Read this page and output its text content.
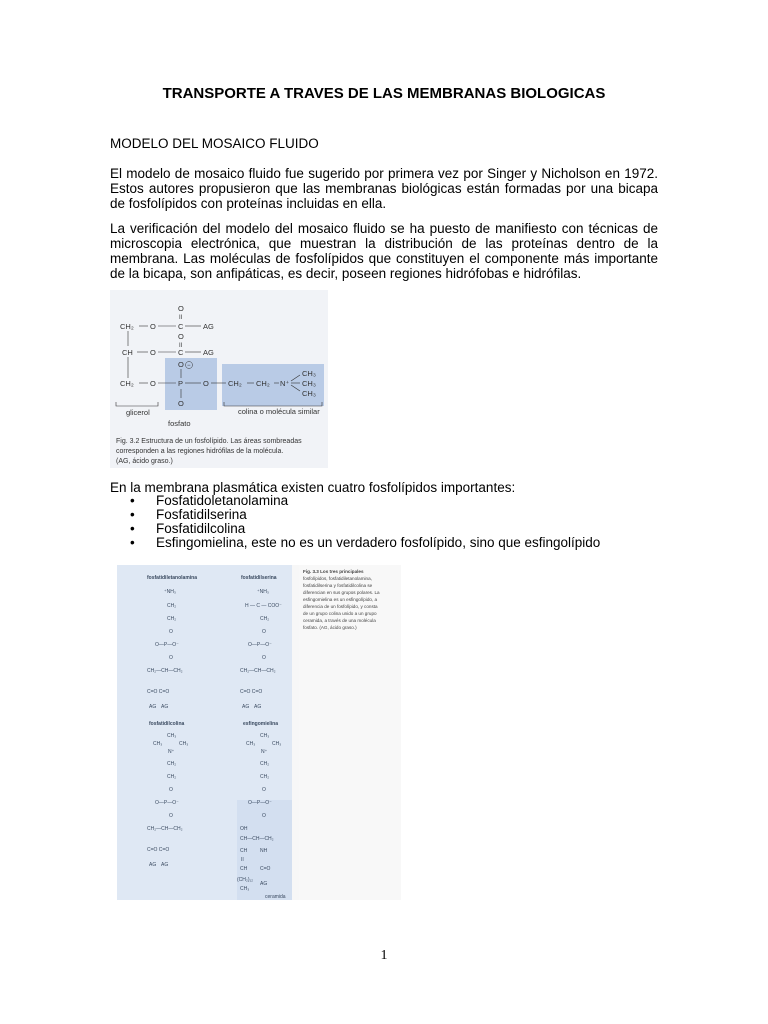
TRANSPORTE A TRAVES DE LAS MEMBRANAS BIOLOGICAS
MODELO DEL MOSAICO FLUIDO

El modelo de mosaico fluido fue sugerido por primera vez por Singer y Nicholson en 1972. Estos autores propusieron que las membranas biológicas están formadas por una bicapa de fosfolípidos con proteínas incluidas en ella.

La verificación del modelo del mosaico fluido se ha puesto de manifiesto con técnicas de microscopia electrónica, que muestran la distribución de las proteínas dentro de la membrana. Las moléculas de fosfolípidos que constituyen el componente más importante de la bicapa, son anfipáticas, es decir, poseen regiones hidrófobas e hidrófilas.

O
II
CH₂ O	C	AG
O
II
CH O	C	AG
O −
CH₂ O	P	O	CH₂ CH₂ N⁺
CH₃
CH₃
CH₃
O
glicerol	colina o molécula similar
fosfato
Fig. 3.2 Estructura de un fosfolípido. Las áreas sombreadas
corresponden a las regiones hidrófilas de la molécula.
(AG, ácido graso.)
En la membrana plasmática existen cuatro fosfolípidos importantes:
• Fosfatidoletanolamina
• Fosfatidilserina
• Fosfatidilcolina
• Esfingomielina, este no es un verdadero fosfolípido, sino que esfingolípido
fosfatidiletanolamina	fosfatidilserina
fosfatidilcolina	esfingomielina
⁺NH₃
CH₂
CH₂
O
O—P—O⁻
O
CH₂—CH—CH₂
C=O C=O
AG AG
⁺NH₃
H — C — COO⁻
CH₂
O
O—P—O⁻
O
CH₂—CH—CH₂
C=O C=O
AG AG
CH₃
CH₃	CH₃
N⁺
CH₂
CH₂
O
O—P—O⁻
O
CH₂—CH—CH₂
C=O C=O
AG AG
CH₃
CH₃	CH₃
N⁺
CH₂
CH₂
O
O—P—O⁻
O
OH
CH—CH—CH₂
CH	NH
II
CH	C=O
(CH₂)₁₂
CH₃
AG
ceramida
Fig. 3.3 Los tres principales
fosfolípidos, fosfatidiletanolamina,
fosfatidilserina y fosfatidilcolina se
diferencian en sus grupos polares. La
esfingomielina es un esfingolípido, a
diferencia de un fosfolípido, y consta
de un grupo colina unido a un grupo
ceramida, a través de una molécula
fosfato. (AG, ácido graso.)
1
